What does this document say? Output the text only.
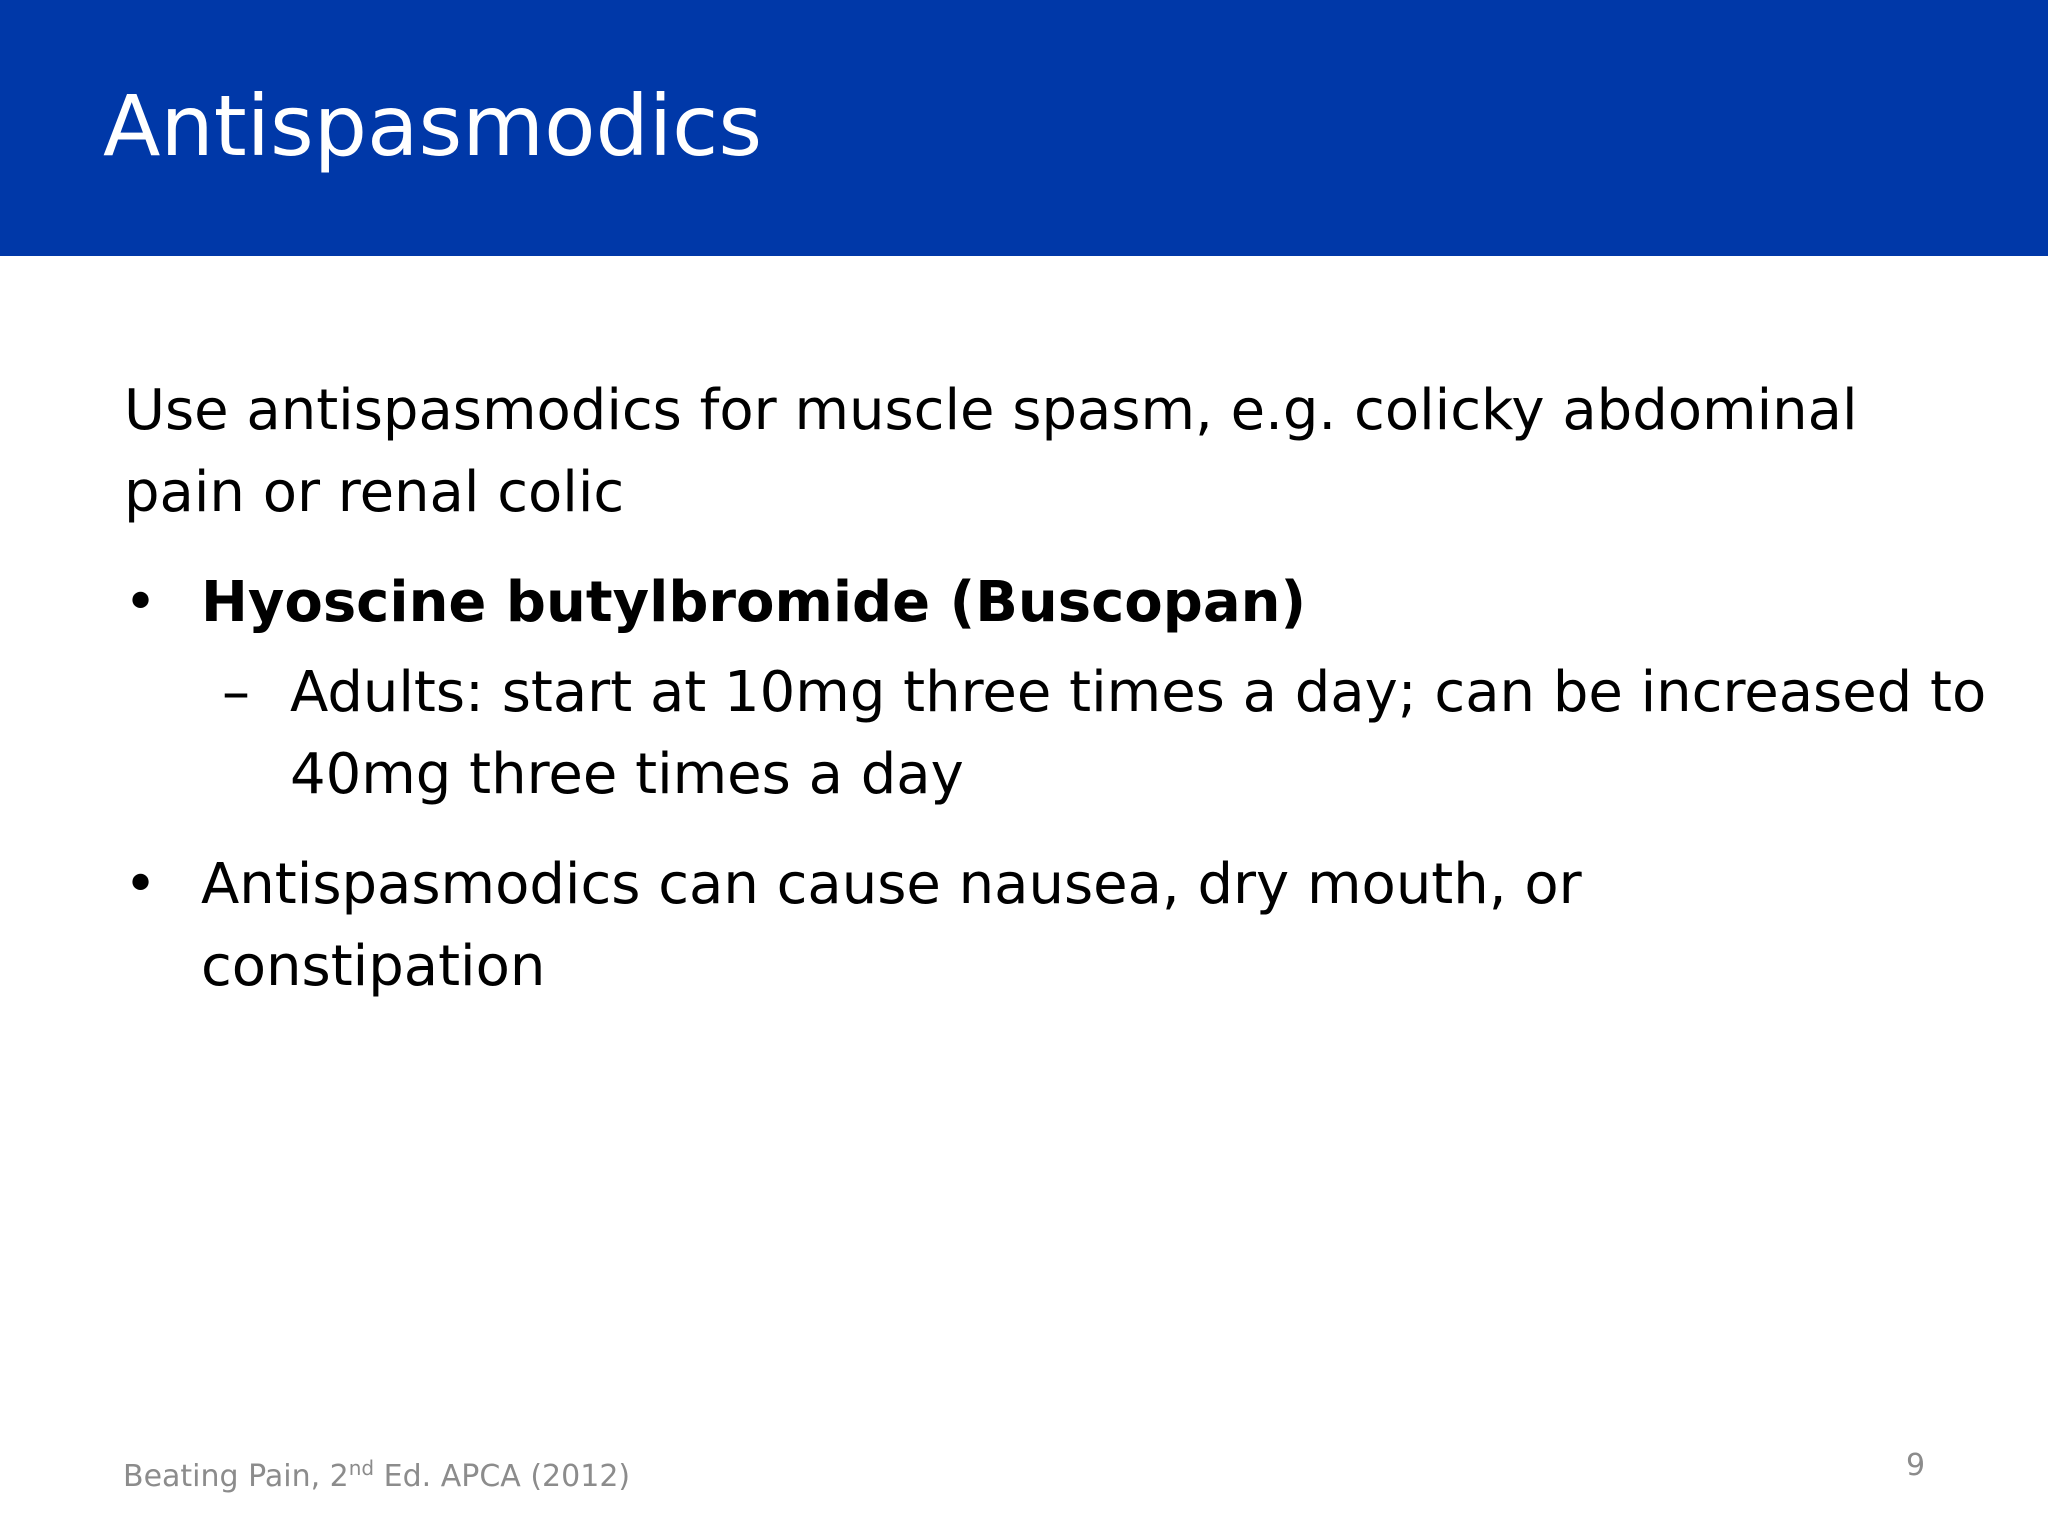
Antispasmodics

Use antispasmodics for muscle spasm, e.g. colicky abdominal pain or renal colic

• Hyoscine butylbromide (Buscopan)
– Adults: start at 10mg three times a day; can be increased to 40mg three times a day
• Antispasmodics can cause nausea, dry mouth, or constipation
Beating Pain, 2nd Ed. APCA (2012)	9
